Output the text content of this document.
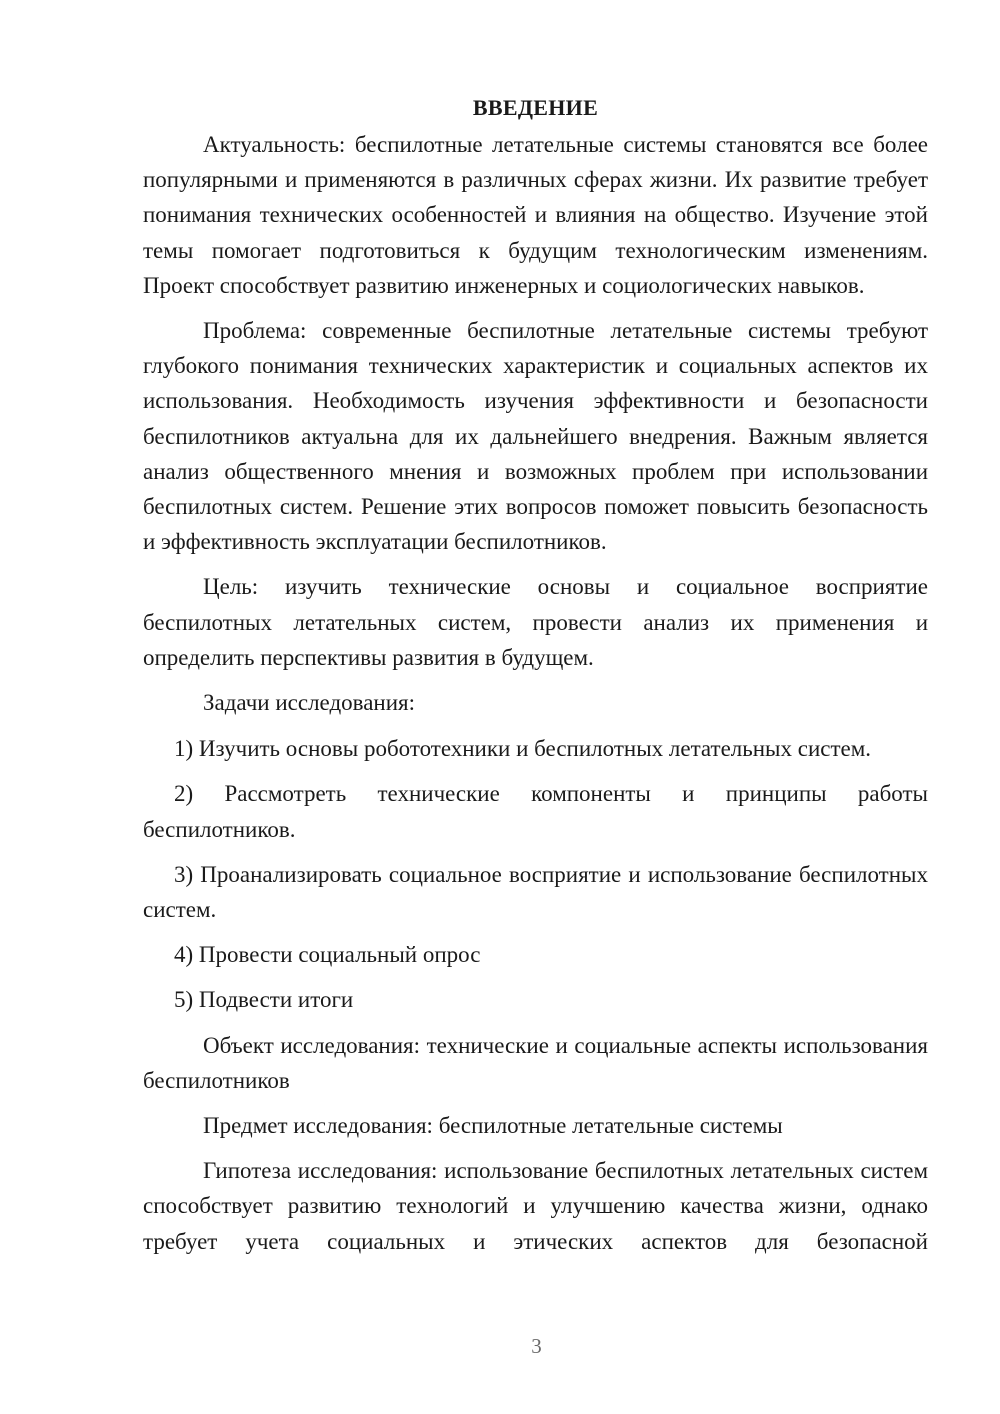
ВВЕДЕНИЕ

Актуальность: беспилотные летательные системы становятся все более популярными и применяются в различных сферах жизни. Их развитие требует понимания технических особенностей и влияния на общество. Изучение этой темы помогает подготовиться к будущим технологическим изменениям. Проект способствует развитию инженерных и социологических навыков.

Проблема: современные беспилотные летательные системы требуют глубокого понимания технических характеристик и социальных аспектов их использования. Необходимость изучения эффективности и безопасности беспилотников актуальна для их дальнейшего внедрения. Важным является анализ общественного мнения и возможных проблем при использовании беспилотных систем. Решение этих вопросов поможет повысить безопасность и эффективность эксплуатации беспилотников.

Цель: изучить технические основы и социальное восприятие беспилотных летательных систем, провести анализ их применения и определить перспективы развития в будущем.

Задачи исследования:

1) Изучить основы робототехники и беспилотных летательных систем.

2) Рассмотреть технические компоненты и принципы работы беспилотников.

3) Проанализировать социальное восприятие и использование беспилотных систем.

4) Провести социальный опрос

5) Подвести итоги

Объект исследования: технические и социальные аспекты использования беспилотников

Предмет исследования: беспилотные летательные системы

Гипотеза исследования: использование беспилотных летательных систем способствует развитию технологий и улучшению качества жизни, однако требует учета социальных и этических аспектов для безопасной

3
